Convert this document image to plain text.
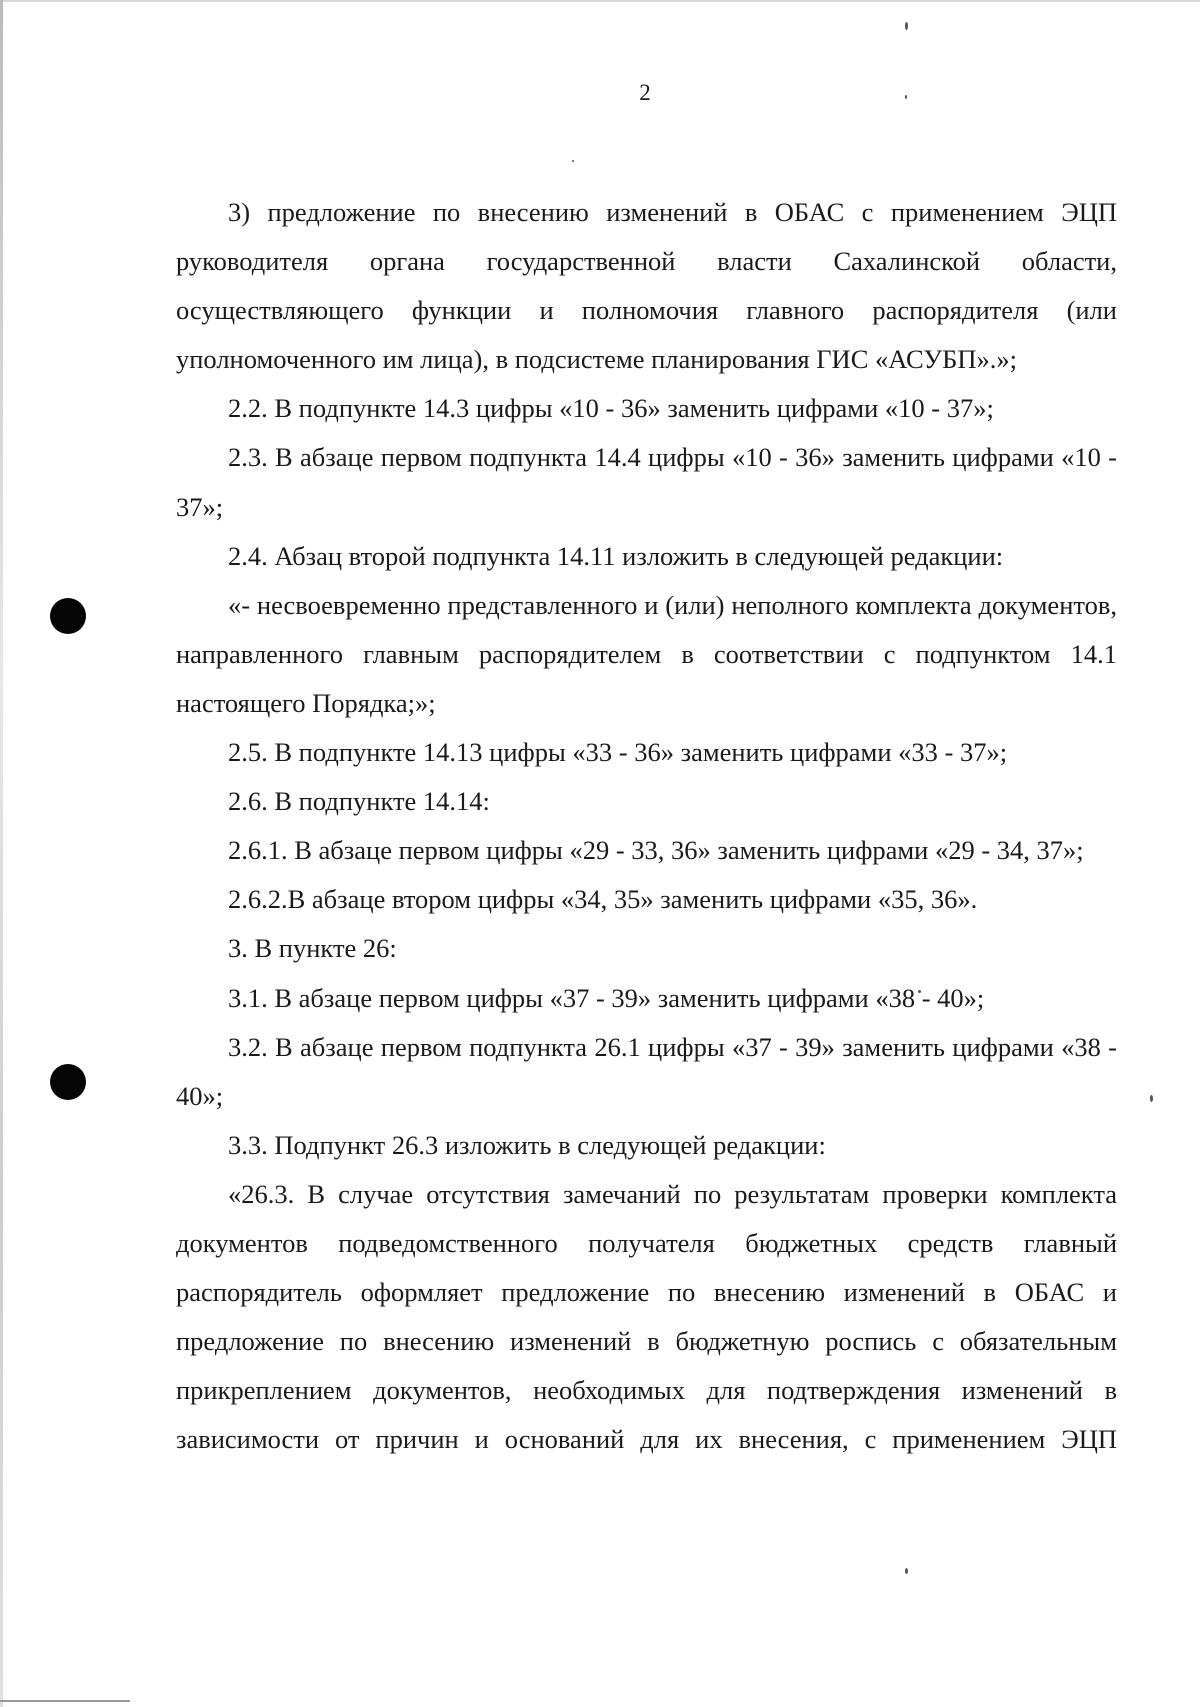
2

3) предложение по внесению изменений в ОБАС с применением ЭЦП руководителя органа государственной власти Сахалинской области, осуществляющего функции и полномочия главного распорядителя (или уполномоченного им лица), в подсистеме планирования ГИС «АСУБП».»;

2.2. В подпункте 14.3 цифры «10 - 36» заменить цифрами «10 - 37»;

2.3. В абзаце первом подпункта 14.4 цифры «10 - 36» заменить цифрами «10 - 37»;

2.4. Абзац второй подпункта 14.11 изложить в следующей редакции:

«- несвоевременно представленного и (или) неполного комплекта документов, направленного главным распорядителем в соответствии с подпунктом 14.1 настоящего Порядка;»;

2.5. В подпункте 14.13 цифры «33 - 36» заменить цифрами «33 - 37»;

2.6. В подпункте 14.14:

2.6.1. В абзаце первом цифры «29 - 33, 36» заменить цифрами «29 - 34, 37»;

2.6.2.В абзаце втором цифры «34, 35» заменить цифрами «35, 36».

3. В пункте 26:

3.1. В абзаце первом цифры «37 - 39» заменить цифрами «38 - 40»;

3.2. В абзаце первом подпункта 26.1 цифры «37 - 39» заменить цифрами «38 - 40»;

3.3. Подпункт 26.3 изложить в следующей редакции:

«26.3. В случае отсутствия замечаний по результатам проверки комплекта документов подведомственного получателя бюджетных средств главный распорядитель оформляет предложение по внесению изменений в ОБАС и предложение по внесению изменений в бюджетную роспись с обязательным прикреплением документов, необходимых для подтверждения изменений в зависимости от причин и оснований для их внесения, с применением ЭЦП
